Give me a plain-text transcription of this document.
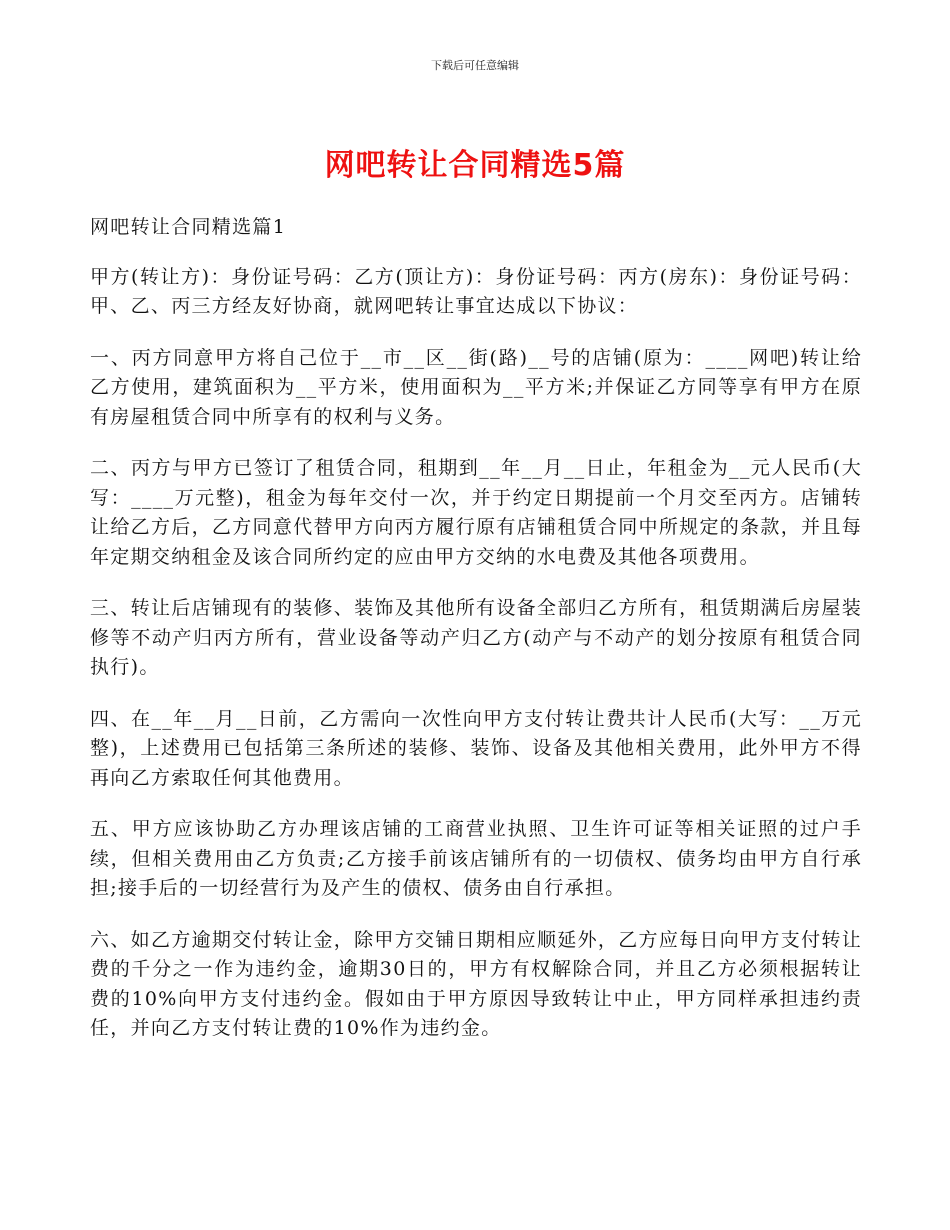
下载后可任意编辑
网吧转让合同精选5篇

网吧转让合同精选篇1

甲方(转让方)：身份证号码：乙方(顶让方)：身份证号码：丙方(房东)：身份证号码：甲、乙、丙三方经友好协商，就网吧转让事宜达成以下协议：

一、丙方同意甲方将自己位于__市__区__街(路)__号的店铺(原为：____网吧)转让给乙方使用，建筑面积为__平方米，使用面积为__平方米;并保证乙方同等享有甲方在原有房屋租赁合同中所享有的权利与义务。

二、丙方与甲方已签订了租赁合同，租期到__年__月__日止，年租金为__元人民币(大写：____万元整)，租金为每年交付一次，并于约定日期提前一个月交至丙方。店铺转让给乙方后，乙方同意代替甲方向丙方履行原有店铺租赁合同中所规定的条款，并且每年定期交纳租金及该合同所约定的应由甲方交纳的水电费及其他各项费用。

三、转让后店铺现有的装修、装饰及其他所有设备全部归乙方所有，租赁期满后房屋装修等不动产归丙方所有，营业设备等动产归乙方(动产与不动产的划分按原有租赁合同执行)。

四、在__年__月__日前，乙方需向一次性向甲方支付转让费共计人民币(大写：__万元整)，上述费用已包括第三条所述的装修、装饰、设备及其他相关费用，此外甲方不得再向乙方索取任何其他费用。

五、甲方应该协助乙方办理该店铺的工商营业执照、卫生许可证等相关证照的过户手续，但相关费用由乙方负责;乙方接手前该店铺所有的一切债权、债务均由甲方自行承担;接手后的一切经营行为及产生的债权、债务由自行承担。

六、如乙方逾期交付转让金，除甲方交铺日期相应顺延外，乙方应每日向甲方支付转让费的千分之一作为违约金，逾期30日的，甲方有权解除合同，并且乙方必须根据转让费的10%向甲方支付违约金。假如由于甲方原因导致转让中止，甲方同样承担违约责任，并向乙方支付转让费的10%作为违约金。
